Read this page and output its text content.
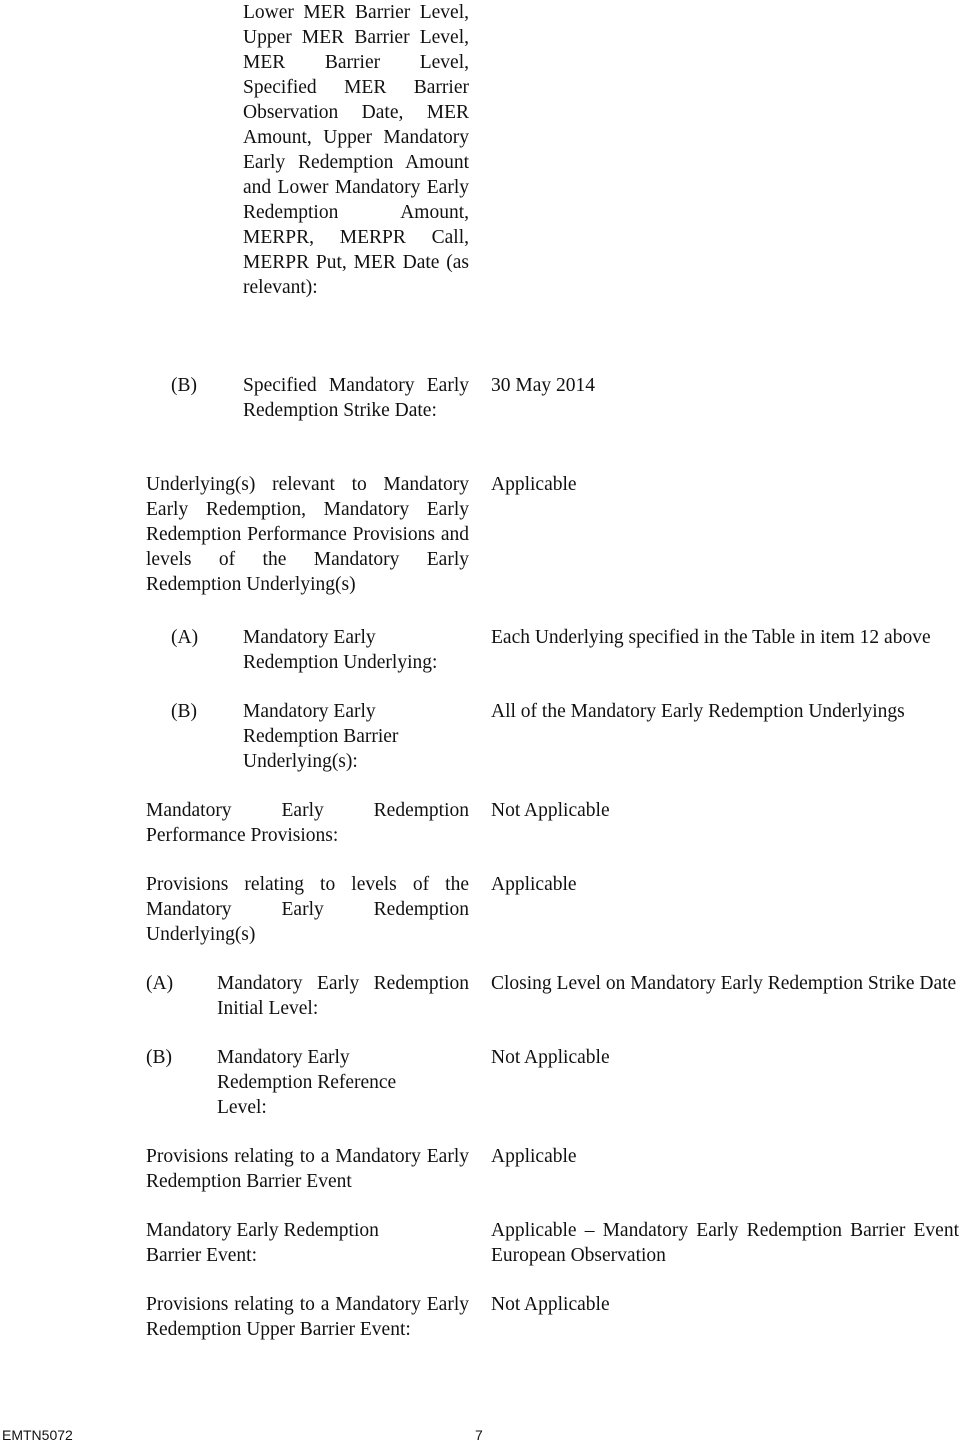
Lower MER Barrier Level, Upper MER Barrier Level, MER Barrier Level, Specified MER Barrier Observation Date, MER Amount, Upper Mandatory Early Redemption Amount and Lower Mandatory Early Redemption Amount, MERPR, MERPR Call, MERPR Put, MER Date (as relevant):
(B) Specified Mandatory Early Redemption Strike Date:
30 May 2014
Underlying(s) relevant to Mandatory Early Redemption, Mandatory Early Redemption Performance Provisions and levels of the Mandatory Early Redemption Underlying(s)
Applicable
(A) Mandatory Early
Redemption Underlying:
Each Underlying specified in the Table in item 12 above
(B) Mandatory Early
Redemption Barrier
Underlying(s):
All of the Mandatory Early Redemption Underlyings
Mandatory Early Redemption Performance Provisions:
Not Applicable
Provisions relating to levels of the Mandatory Early Redemption Underlying(s)
Applicable
(A) Mandatory Early Redemption Initial Level:
Closing Level on Mandatory Early Redemption Strike Date
(B) Mandatory Early
Redemption Reference
Level:
Not Applicable
Provisions relating to a Mandatory Early Redemption Barrier Event
Applicable
Mandatory Early Redemption
Barrier Event:
Applicable – Mandatory Early Redemption Barrier Event European Observation
Provisions relating to a Mandatory Early Redemption Upper Barrier Event:
Not Applicable
EMTN5072	7
